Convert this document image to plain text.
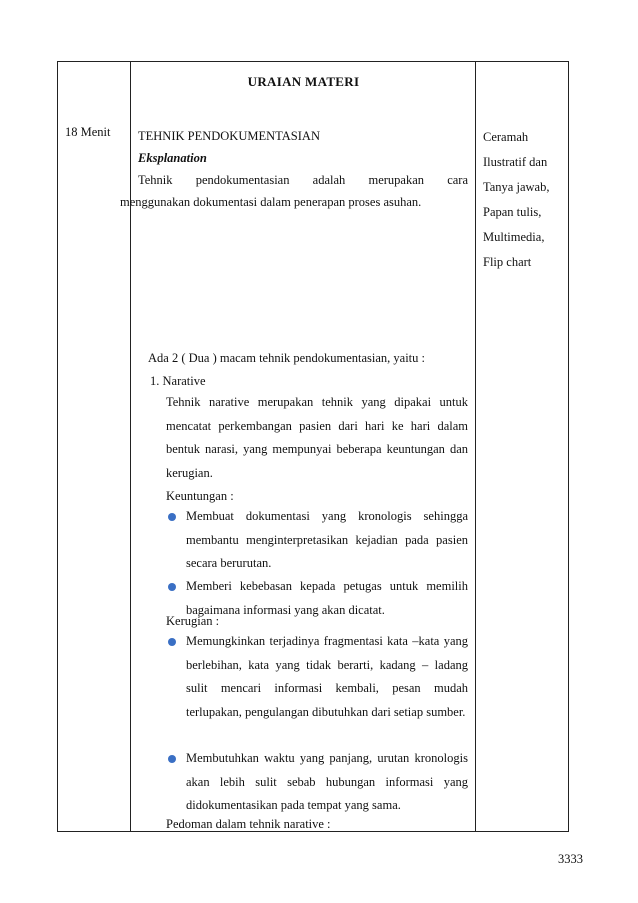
18 Menit
URAIAN MATERI
TEHNIK PENDOKUMENTASIAN
Eksplanation
Tehnik pendokumentasian adalah merupakan cara
menggunakan dokumentasi dalam penerapan proses asuhan.
Ceramah
Ilustratif dan
Tanya jawab,
Papan tulis,
Multimedia,
Flip chart
Ada 2 ( Dua ) macam tehnik pendokumentasian, yaitu :
1. Narative
Tehnik narative merupakan tehnik yang dipakai untuk mencatat perkembangan pasien dari hari ke hari dalam bentuk narasi, yang mempunyai beberapa keuntungan dan kerugian.
Keuntungan :
Membuat dokumentasi yang kronologis sehingga membantu menginterpretasikan kejadian pada pasien secara berurutan.
Memberi kebebasan kepada petugas untuk memilih bagaimana informasi yang akan dicatat.
Kerugian :
Memungkinkan terjadinya fragmentasi kata –kata yang berlebihan, kata yang tidak berarti, kadang – ladang sulit mencari informasi kembali, pesan mudah terlupakan, pengulangan dibutuhkan dari setiap sumber.
Membutuhkan waktu yang panjang, urutan kronologis akan lebih sulit sebab hubungan informasi yang didokumentasikan pada tempat yang sama.
Pedoman dalam tehnik narative :
3333
